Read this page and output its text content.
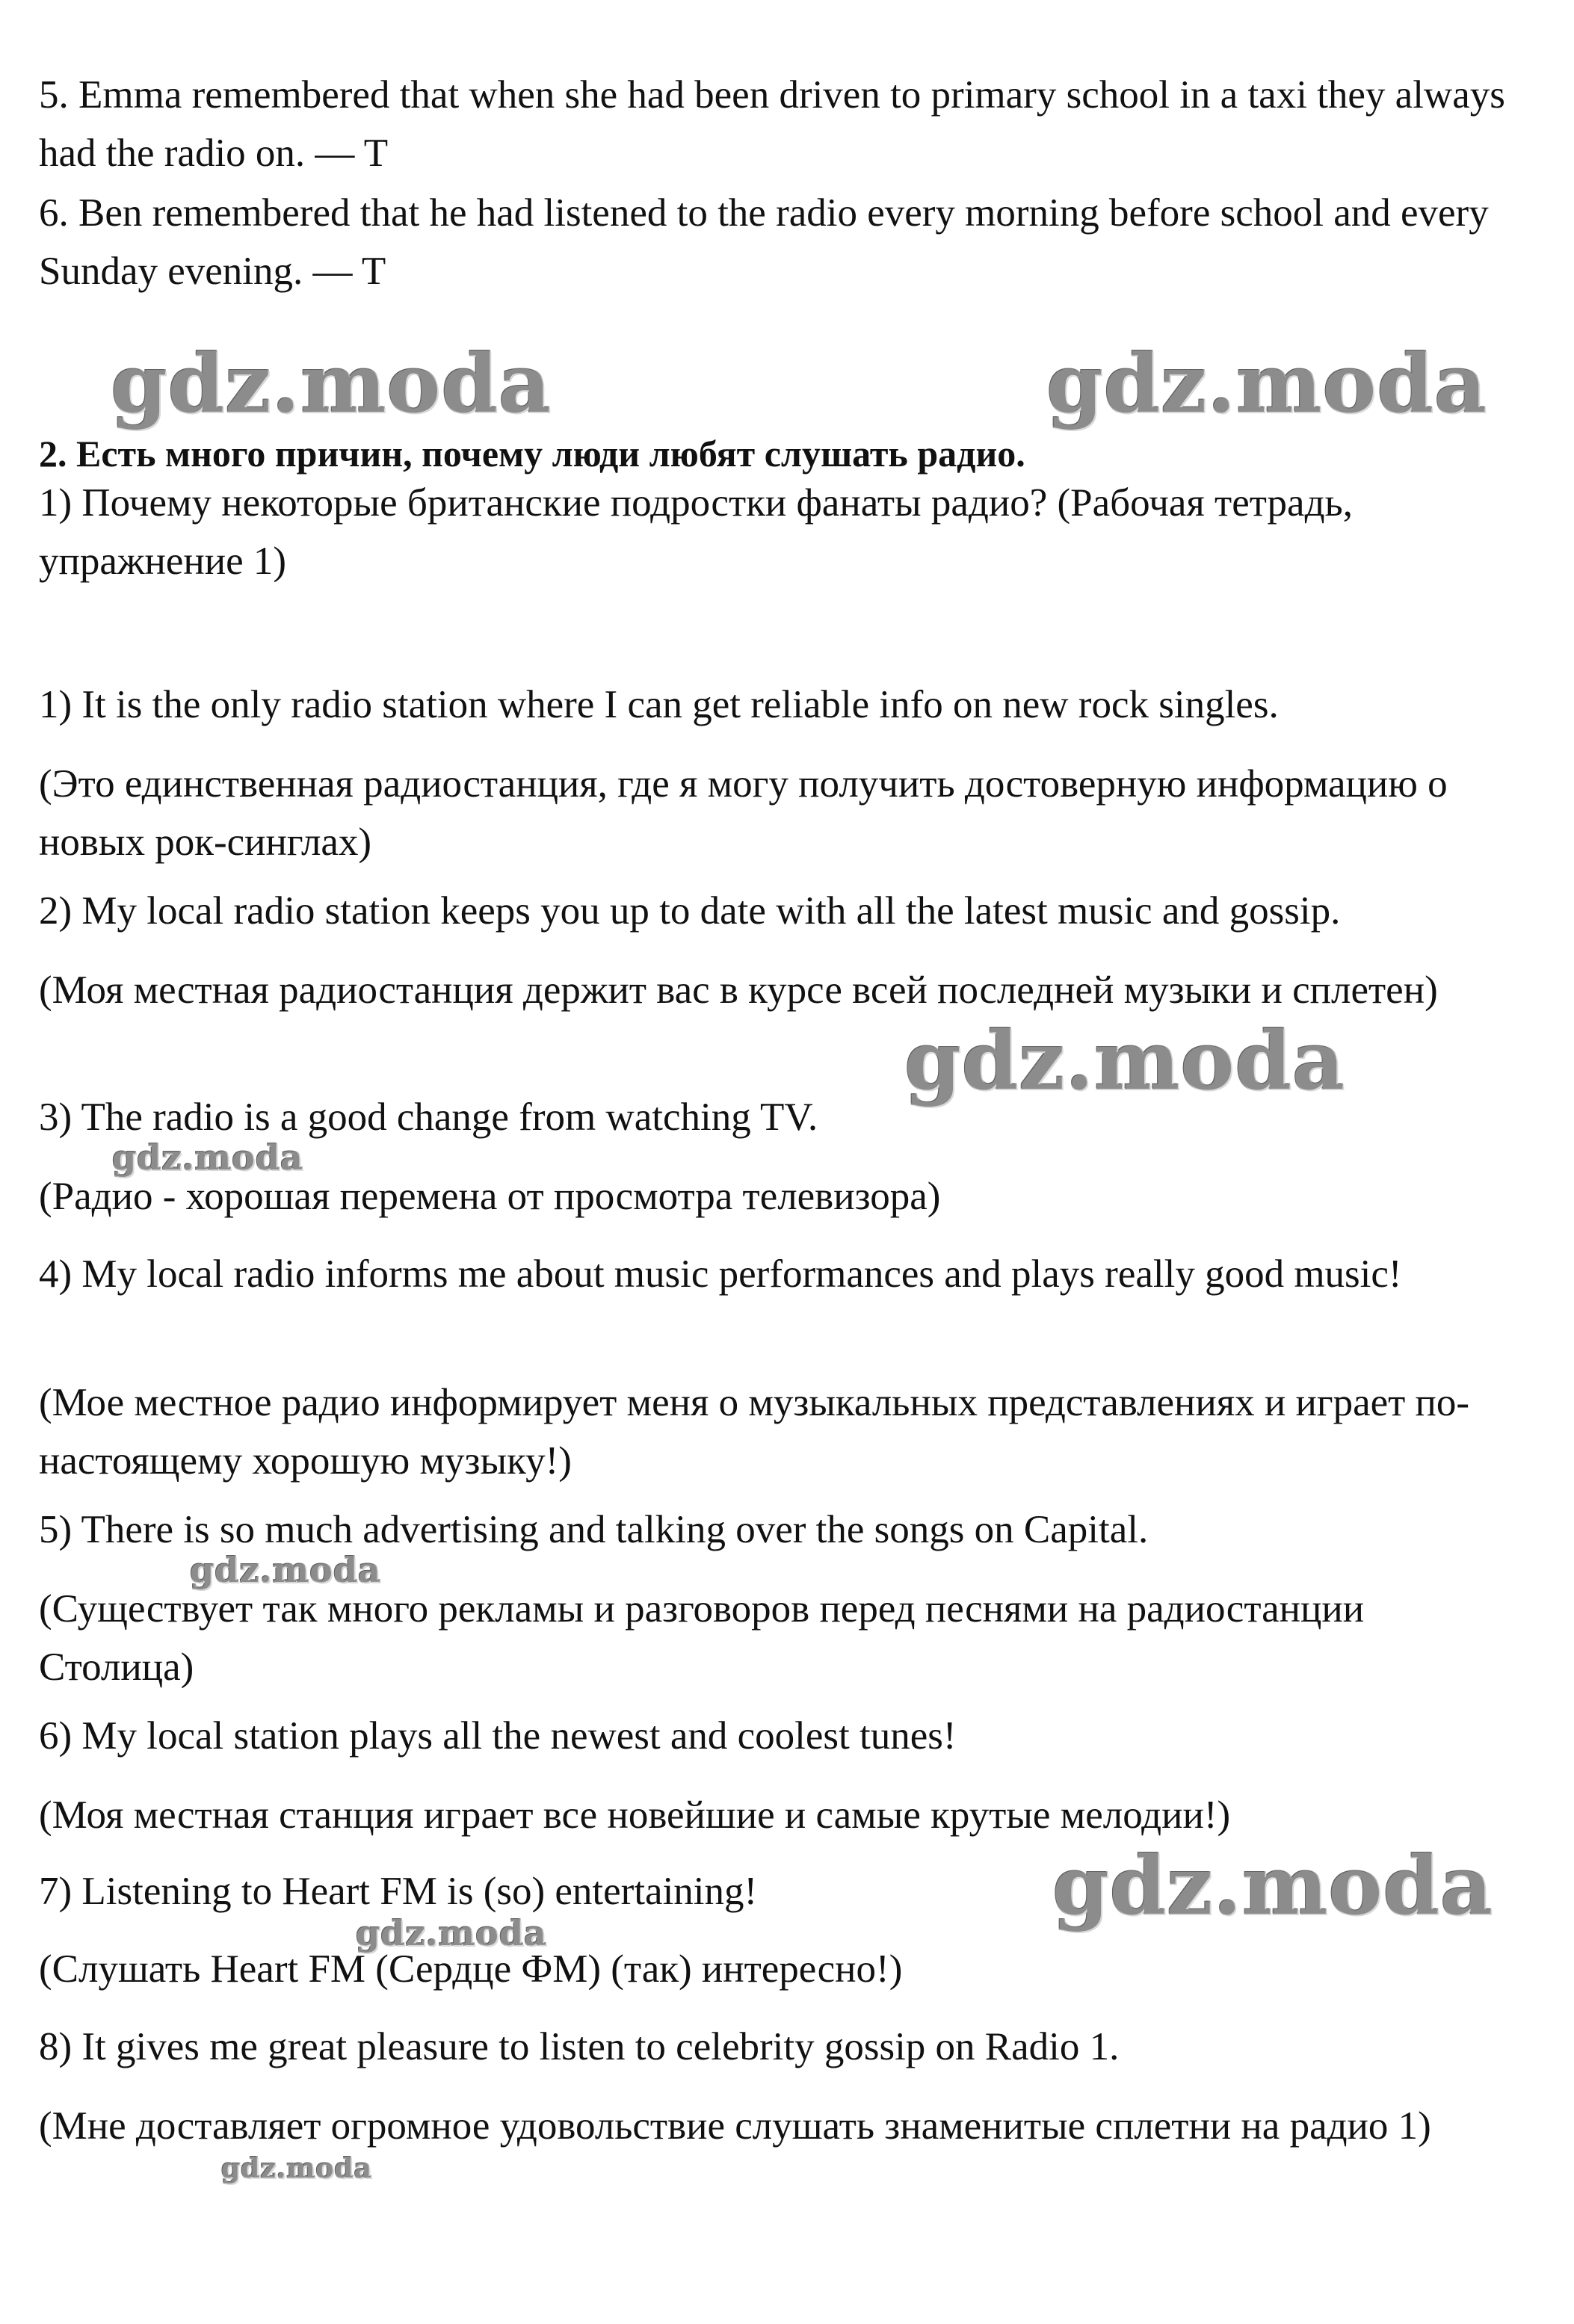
5. Emma remembered that when she had been driven to primary school in a taxi they always had the radio on. — T

6. Ben remembered that he had listened to the radio every morning before school and every Sunday evening. — T

2. Есть много причин, почему люди любят слушать радио.

1) Почему некоторые британские подростки фанаты радио? (Рабочая тетрадь, упражнение 1)

1) It is the only radio station where I can get reliable info on new rock singles.

(Это единственная радиостанция, где я могу получить достоверную информацию о новых рок-синглах)

2) My local radio station keeps you up to date with all the latest music and gossip.

(Моя местная радиостанция держит вас в курсе всей последней музыки и сплетен)

3) The radio is a good change from watching TV.

(Радио - хорошая перемена от просмотра телевизора)

4) My local radio informs me about music performances and plays really good music!

(Мое местное радио информирует меня о музыкальных представлениях и играет по-настоящему хорошую музыку!)

5) There is so much advertising and talking over the songs on Capital.

(Существует так много рекламы и разговоров перед песнями на радиостанции Столица)

6) My local station plays all the newest and coolest tunes!

(Моя местная станция играет все новейшие и самые крутые мелодии!)

7) Listening to Heart FM is (so) entertaining!

(Слушать Heart FM (Сердце ФМ) (так) интересно!)

8) It gives me great pleasure to listen to celebrity gossip on Radio 1.

(Мне доставляет огромное удовольствие слушать знаменитые сплетни на радио 1)

gdz.moda	gdz.moda
gdz.moda
gdz.moda
gdz.moda
gdz.moda
gdz.moda
gdz.moda
